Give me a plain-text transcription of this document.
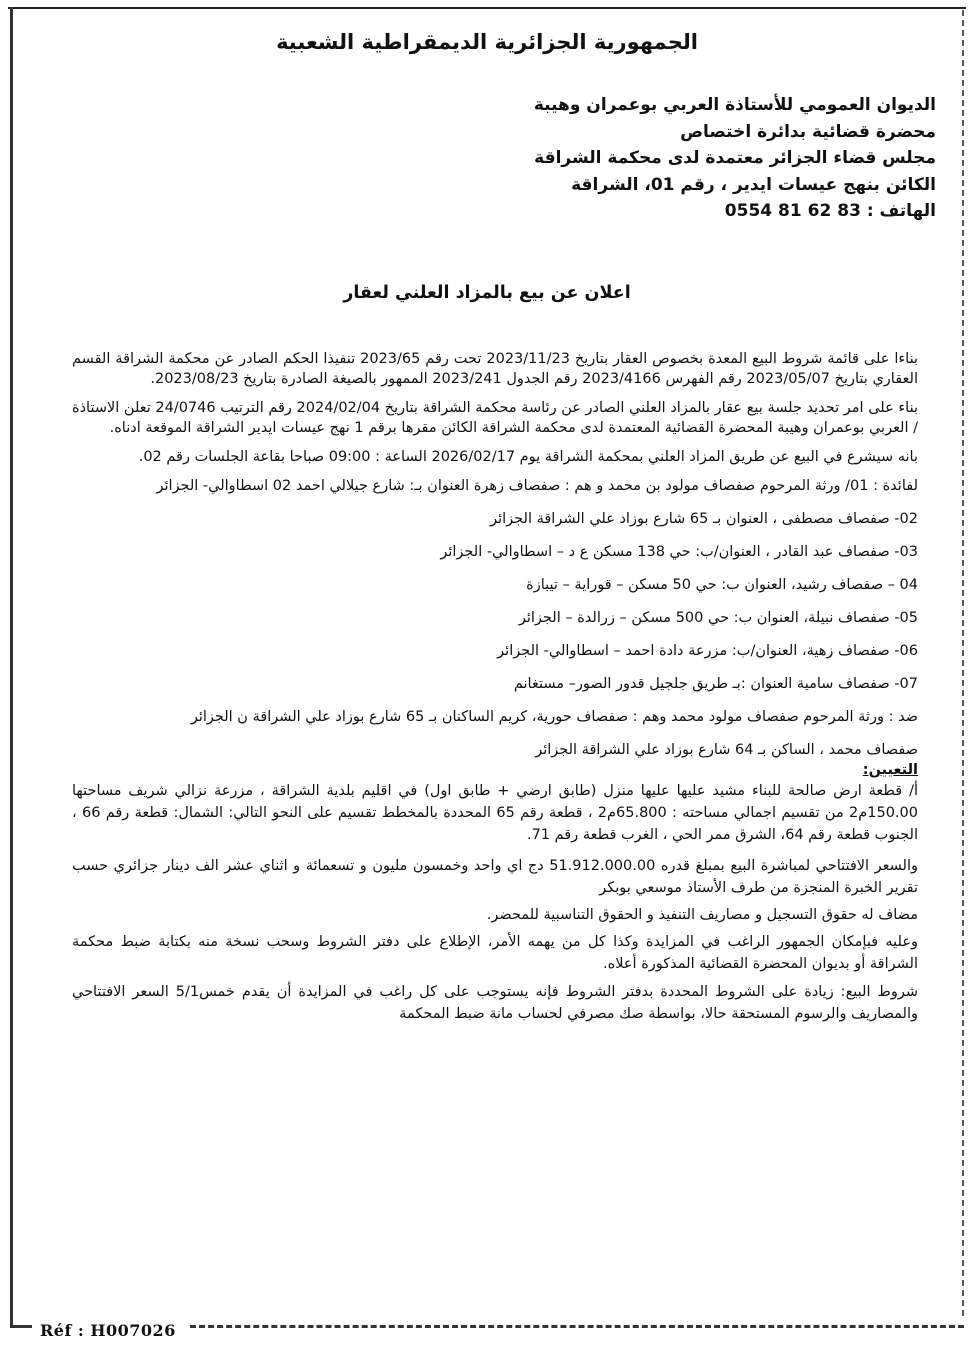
الجمهورية الجزائرية الديمقراطية الشعبية
الديوان العمومي للأستاذة العربي بوعمران وهيبة
محضرة قضائية بدائرة اختصاص
مجلس قضاء الجزائر معتمدة لدى محكمة الشراقة
الكائن بنهج عيسات ايدير ، رقم 01، الشراقة
الهاتف : 83 62 81 0554
اعلان عن بيع بالمزاد العلني لعقار

بناءا على قائمة شروط البيع المعدة بخصوص العقار بتاريخ 2023/11/23 تحت رقم 2023/65 تنفيذا الحكم الصادر عن محكمة الشراقة القسم العقاري بتاريخ 2023/05/07 رقم الفهرس 2023/4166 رقم الجدول 2023/241 الممهور بالصيغة الصادرة بتاريخ 2023/08/23.

بناء على امر تحديد جلسة بيع عقار بالمزاد العلني الصادر عن رئاسة محكمة الشراقة بتاريخ 2024/02/04 رقم الترتيب 24/0746 تعلن الاستاذة / العربي بوعمران وهيبة المحضرة القضائية المعتمدة لدى محكمة الشراقة الكائن مقرها برقم 1 نهج عيسات ايدير الشراقة الموقعة ادناه.

بانه سيشرع في البيع عن طريق المزاد العلني بمحكمة الشراقة يوم 2026/02/17 الساعة : 09:00 صباحا بقاعة الجلسات رقم 02.

لفائدة : 01/ ورثة المرحوم صفصاف مولود بن محمد و هم : صفصاف زهرة العنوان بـ: شارع جيلالي احمد 02 اسطاوالي- الجزائر
02- صفصاف مصطفى ، العنوان بـ 65 شارع بوزاد علي الشراقة الجزائر
03- صفصاف عبد القادر ، العنوان/ب: حي 138 مسكن ع د – اسطاوالي- الجزائر
04 – صفصاف رشيد، العنوان ب: حي 50 مسكن – قوراية – تيبازة
05- صفصاف نبيلة، العنوان ب: حي 500 مسكن – زرالدة – الجزائر
06- صفصاف زهية، العنوان/ب: مزرعة دادة احمد – اسطاوالي- الجزائر
07- صفصاف سامية العنوان :بـ طريق جلجيل قدور الصور– مستغانم
ضد : ورثة المرحوم صفصاف مولود محمد وهم : صفصاف حورية، كريم الساكنان بـ 65 شارع بوزاد علي الشراقة ن الجزائر
صفصاف محمد ، الساكن بـ 64 شارع بوزاد علي الشراقة الجزائر
التعيين:

أ/ قطعة ارض صالحة للبناء مشيد عليها عليها منزل (طابق ارضي + طابق اول) في اقليم بلدية الشراقة ، مزرعة نزالي شريف مساحتها 150.00م2 من تقسيم اجمالي مساحته : 65.800م2 ، قطعة رقم 65 المحددة بالمخطط تقسيم على النحو التالي: الشمال: قطعة رقم 66 ، الجنوب قطعة رقم 64، الشرق ممر الحي ، الغرب قطعة رقم 71.

والسعر الافتتاحي لمباشرة البيع بمبلغ قدره 51.912.000.00 دج اي واحد وخمسون مليون و تسعمائة و اثناي عشر الف دينار جزائري حسب تقرير الخبرة المنجزة من طرف الأستاذ موسعي بوبكر

مضاف له حقوق التسجيل و مصاريف التنفيذ و الحقوق التناسبية للمحضر.

وعليه فبإمكان الجمهور الراغب في المزايدة وكذا كل من يهمه الأمر، الإطلاع على دفتر الشروط وسحب نسخة منه بكتابة ضبط محكمة الشراقة أو بديوان المحضرة القضائية المذكورة أعلاه.

شروط البيع: زيادة على الشروط المحددة بدفتر الشروط فإنه يستوجب على كل راغب في المزايدة أن يقدم خمس5/1 السعر الافتتاحي والمصاريف والرسوم المستحقة حالا، بواسطة صك مصرفي لحساب مانة ضبط المحكمة

Réf : H007026
